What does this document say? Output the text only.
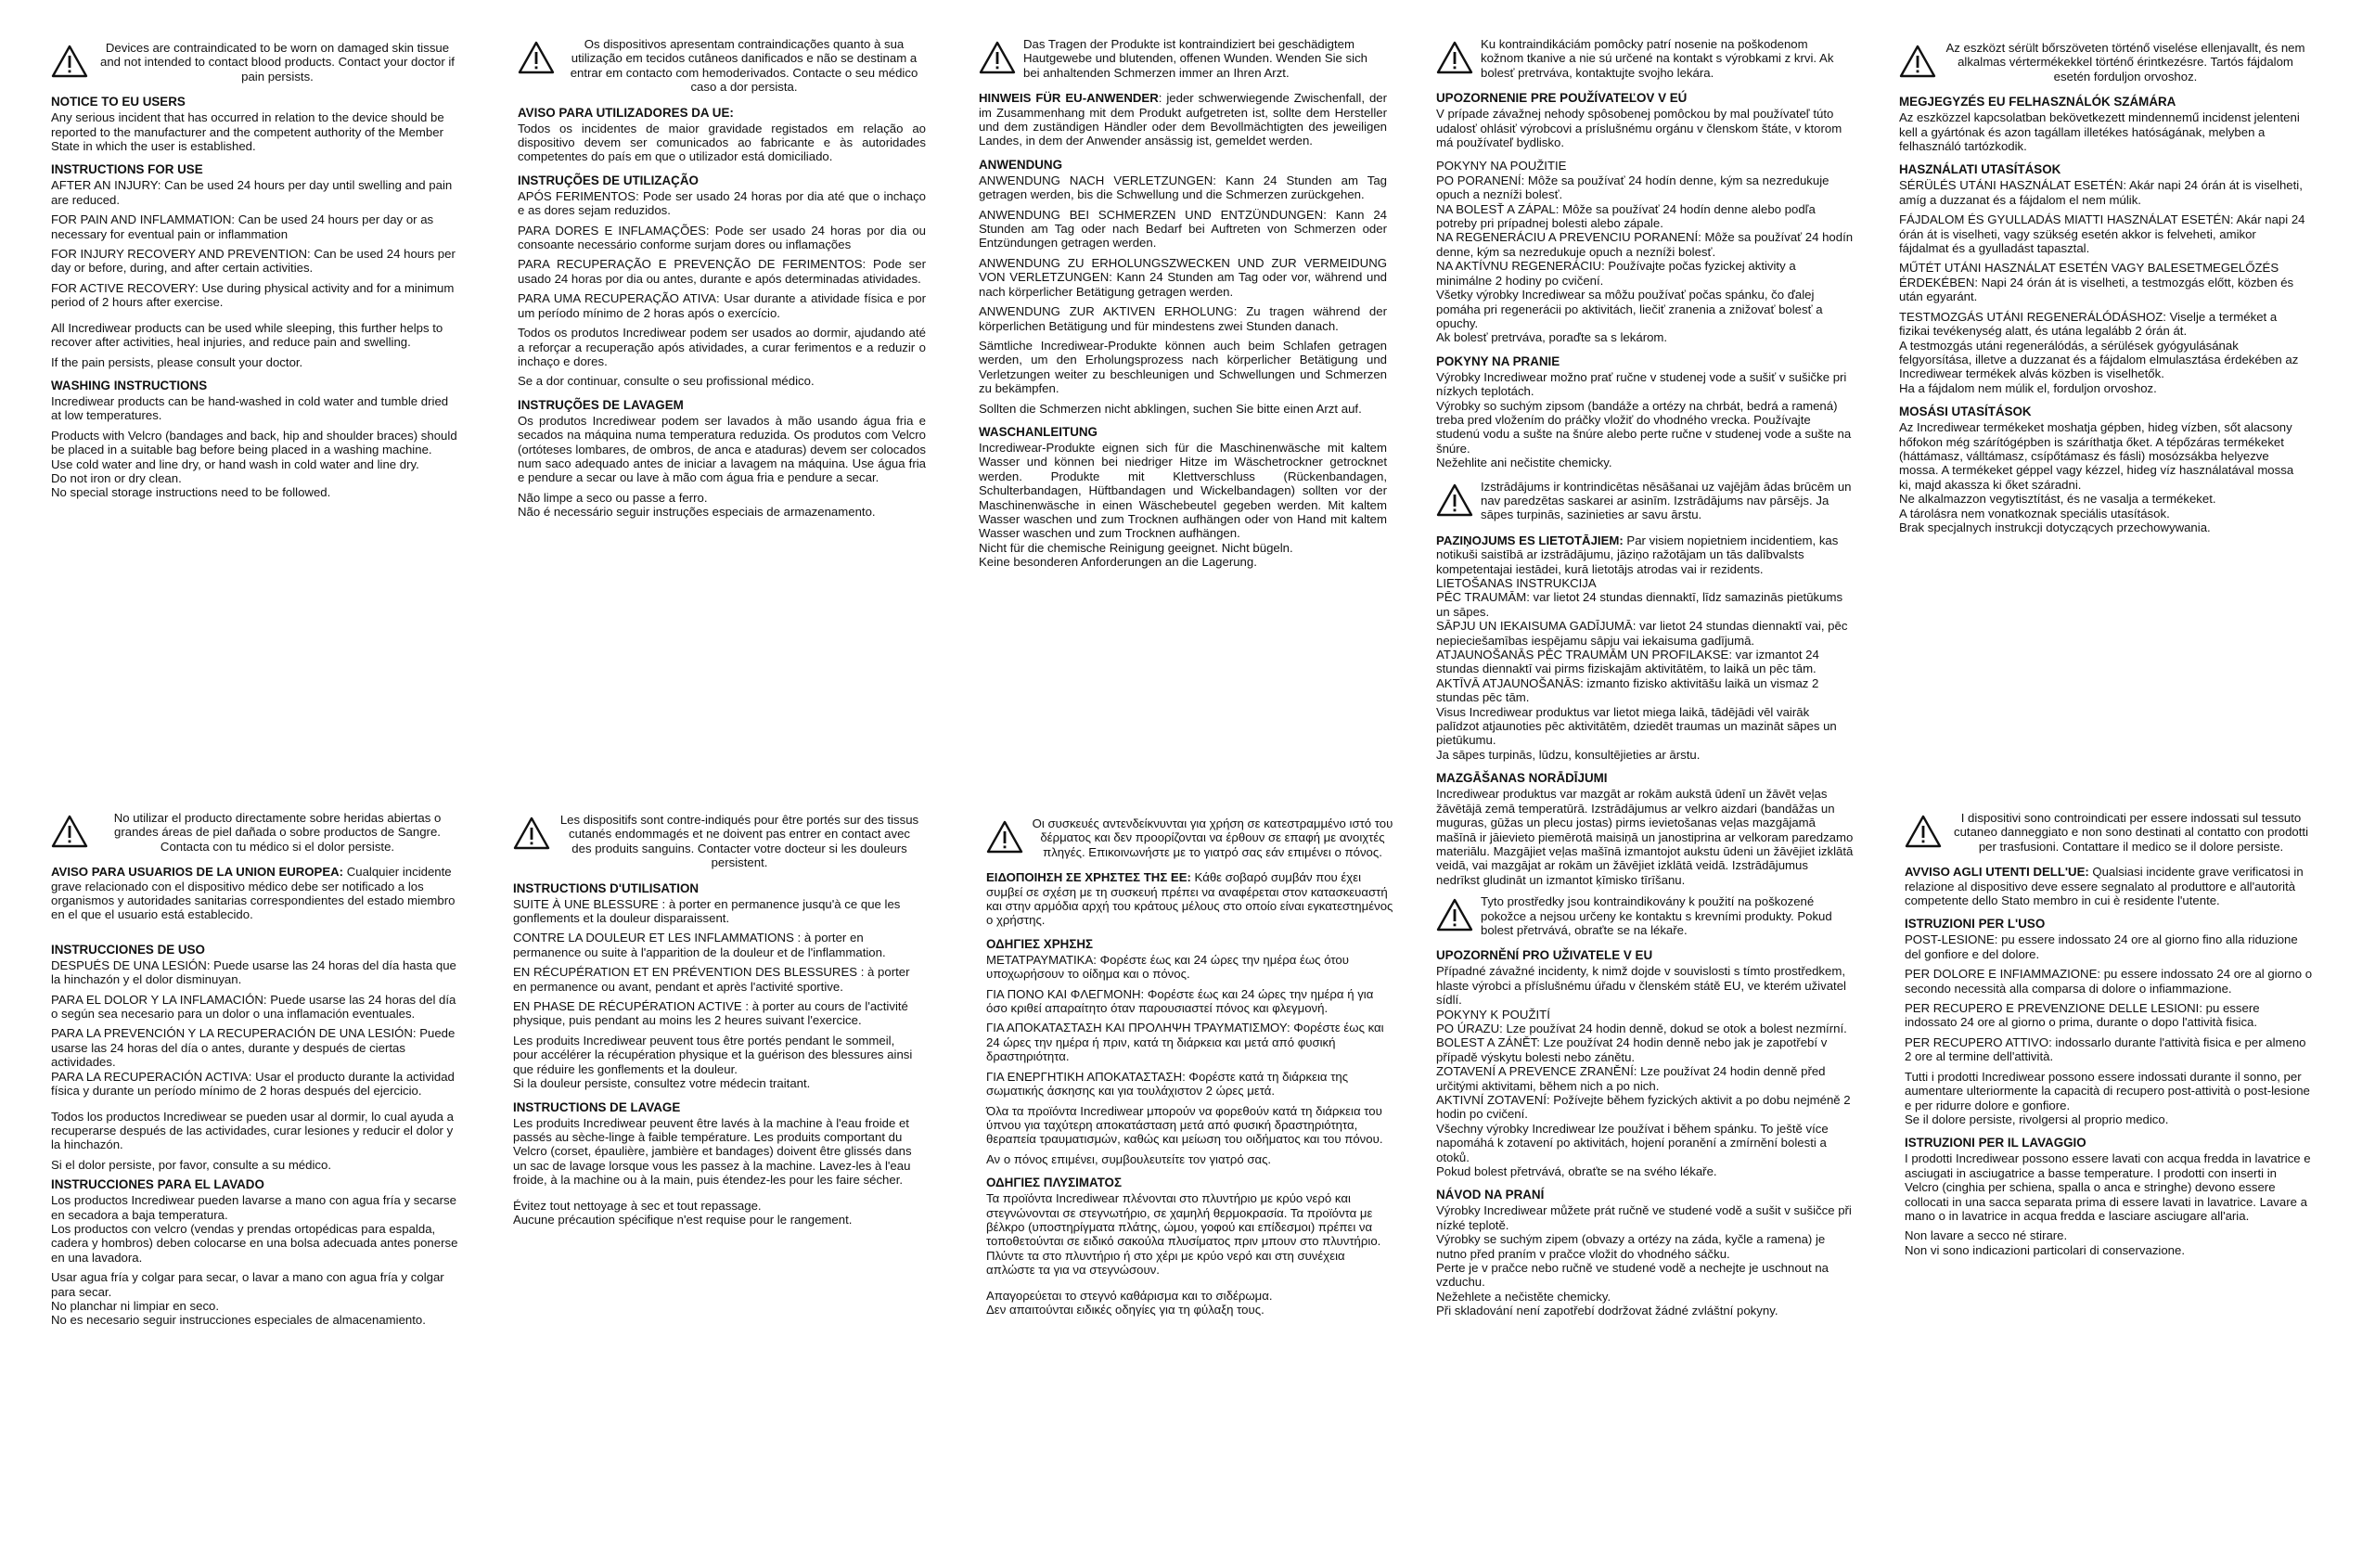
Devices are contraindicated to be worn on damaged skin tissue and not intended to contact blood products. Contact your doctor if pain persists.
NOTICE TO EU USERS

Any serious incident that has occurred in relation to the device should be reported to the manufacturer and the competent authority of the Member State in which the user is established.

INSTRUCTIONS FOR USE

AFTER AN INJURY: Can be used 24 hours per day until swelling and pain are reduced.

FOR PAIN AND INFLAMMATION: Can be used 24 hours per day or as necessary for eventual pain or inflammation

FOR INJURY RECOVERY AND PREVENTION: Can be used 24 hours per day or before, during, and after certain activities.

FOR ACTIVE RECOVERY: Use during physical activity and for a minimum period of 2 hours after exercise.

All Incrediwear products can be used while sleeping, this further helps to recover after activities, heal injuries, and reduce pain and swelling.

If the pain persists, please consult your doctor.

WASHING INSTRUCTIONS

Incrediwear products can be hand-washed in cold water and tumble dried at low temperatures.

Products with Velcro (bandages and back, hip and shoulder braces) should be placed in a suitable bag before being placed in a washing machine.

Use cold water and line dry, or hand wash in cold water and line dry.

Do not iron or dry clean.

No special storage instructions need to be followed.

Os dispositivos apresentam contraindicações quanto à sua utilização em tecidos cutâneos danificados e não se destinam a entrar em contacto com hemoderivados. Contacte o seu médico caso a dor persista.
AVISO PARA UTILIZADORES DA UE:

Todos os incidentes de maior gravidade registados em relação ao dispositivo devem ser comunicados ao fabricante e às autoridades competentes do país em que o utilizador está domiciliado.

INSTRUÇÕES DE UTILIZAÇÃO

APÓS FERIMENTOS: Pode ser usado 24 horas por dia até que o inchaço e as dores sejam reduzidos.

PARA DORES E INFLAMAÇÕES: Pode ser usado 24 horas por dia ou consoante necessário conforme surjam dores ou inflamações

PARA RECUPERAÇÃO E PREVENÇÃO DE FERIMENTOS: Pode ser usado 24 horas por dia ou antes, durante e após determinadas atividades.

PARA UMA RECUPERAÇÃO ATIVA: Usar durante a atividade física e por um período mínimo de 2 horas após o exercício.

Todos os produtos Incrediwear podem ser usados ao dormir, ajudando até a reforçar a recuperação após atividades, a curar ferimentos e a reduzir o inchaço e dores.

Se a dor continuar, consulte o seu profissional médico.

INSTRUÇÕES DE LAVAGEM

Os produtos Incrediwear podem ser lavados à mão usando água fria e secados na máquina numa temperatura reduzida. Os produtos com Velcro (ortóteses lombares, de ombros, de anca e ataduras) devem ser colocados num saco adequado antes de iniciar a lavagem na máquina. Use água fria e pendure a secar ou lave à mão com água fria e pendure a secar.

Não limpe a seco ou passe a ferro.

Não é necessário seguir instruções especiais de armazenamento.

Das Tragen der Produkte ist kontraindiziert bei geschädigtem Hautgewebe und blutenden, offenen Wunden. Wenden Sie sich bei anhaltenden Schmerzen immer an Ihren Arzt.

HINWEIS FÜR EU-ANWENDER: jeder schwerwiegende Zwischenfall, der im Zusammenhang mit dem Produkt aufgetreten ist, sollte dem Hersteller und dem zuständigen Händler oder dem Bevollmächtigten des jeweiligen Landes, in dem der Anwender ansässig ist, gemeldet werden.

ANWENDUNG

ANWENDUNG NACH VERLETZUNGEN: Kann 24 Stunden am Tag getragen werden, bis die Schwellung und die Schmerzen zurückgehen.

ANWENDUNG BEI SCHMERZEN UND ENTZÜNDUNGEN: Kann 24 Stunden am Tag oder nach Bedarf bei Auftreten von Schmerzen oder Entzündungen getragen werden.

ANWENDUNG ZU ERHOLUNGSZWECKEN UND ZUR VERMEIDUNG VON VERLETZUNGEN: Kann 24 Stunden am Tag oder vor, während und nach körperlicher Betätigung getragen werden.

ANWENDUNG ZUR AKTIVEN ERHOLUNG: Zu tragen während der körperlichen Betätigung und für mindestens zwei Stunden danach.

Sämtliche Incrediwear-Produkte können auch beim Schlafen getragen werden, um den Erholungsprozess nach körperlicher Betätigung und Verletzungen weiter zu beschleunigen und Schwellungen und Schmerzen zu bekämpfen.

Sollten die Schmerzen nicht abklingen, suchen Sie bitte einen Arzt auf.

WASCHANLEITUNG

Incrediwear-Produkte eignen sich für die Maschinenwäsche mit kaltem Wasser und können bei niedriger Hitze im Wäschetrockner getrocknet werden. Produkte mit Klettverschluss (Rückenbandagen, Schulterbandagen, Hüftbandagen und Wickelbandagen) sollten vor der Maschinenwäsche in einen Wäschebeutel gegeben werden. Mit kaltem Wasser waschen und zum Trocknen aufhängen oder von Hand mit kaltem Wasser waschen und zum Trocknen aufhängen.

Nicht für die chemische Reinigung geeignet. Nicht bügeln.

Keine besonderen Anforderungen an die Lagerung.

Ku kontraindikáciám pomôcky patrí nosenie na poškodenom kožnom tkanive a nie sú určené na kontakt s výrobkami z krvi. Ak bolesť pretrváva, kontaktujte svojho lekára.
UPOZORNENIE PRE POUŽÍVATEĽOV V EÚ

V prípade závažnej nehody spôsobenej pomôckou by mal používateľ túto udalosť ohlásiť výrobcovi a príslušnému orgánu v členskom štáte, v ktorom má používateľ bydlisko.

POKYNY NA POUŽITIE

PO PORANENÍ: Môže sa používať 24 hodín denne, kým sa nezredukuje opuch a nezníži bolesť.

NA BOLESŤ A ZÁPAL: Môže sa používať 24 hodín denne alebo podľa potreby pri prípadnej bolesti alebo zápale.

NA REGENERÁCIU A PREVENCIU PORANENÍ: Môže sa používať 24 hodín denne, kým sa nezredukuje opuch a nezníži bolesť.

NA AKTÍVNU REGENERÁCIU: Používajte počas fyzickej aktivity a minimálne 2 hodiny po cvičení.

Všetky výrobky Incrediwear sa môžu používať počas spánku, čo ďalej pomáha pri regenerácii po aktivitách, liečiť zranenia a znižovať bolesť a opuchy.

Ak bolesť pretrváva, poraďte sa s lekárom.

POKYNY NA PRANIE

Výrobky Incrediwear možno prať ručne v studenej vode a sušiť v sušičke pri nízkych teplotách.

Výrobky so suchým zipsom (bandáže a ortézy na chrbát, bedrá a ramená) treba pred vložením do práčky vložiť do vhodného vrecka. Používajte studenú vodu a sušte na šnúre alebo perte ručne v studenej vode a sušte na šnúre.

Nežehlite ani nečistite chemicky.

Izstrādājums ir kontrindicētas nēsāšanai uz vajējām ādas brūcēm un nav paredzētas saskarei ar asinīm. Izstrādājums nav pārsējs. Ja sāpes turpinās, sazinieties ar savu ārstu.

PAZIŅOJUMS ES LIETOTĀJIEM: Par visiem nopietniem incidentiem, kas notikuši saistībā ar izstrādājumu, jāziņo ražotājam un tās dalībvalsts kompetentajai iestādei, kurā lietotājs atrodas vai ir rezidents.

LIETOŠANAS INSTRUKCIJA

PĒC TRAUMĀM: var lietot 24 stundas diennaktī, līdz samazinās pietūkums un sāpes.

SĀPJU UN IEKAISUMA GADĪJUMĀ: var lietot 24 stundas diennaktī vai, pēc nepieciešamības iespējamu sāpju vai iekaisuma gadījumā.

ATJAUNOŠANĀS PĒC TRAUMĀM UN PROFILAKSE: var izmantot 24 stundas diennaktī vai pirms fiziskajām aktivitātēm, to laikā un pēc tām.

AKTĪVĀ ATJAUNOŠANĀS: izmanto fizisko aktivitāšu laikā un vismaz 2 stundas pēc tām.

Visus Incrediwear produktus var lietot miega laikā, tādējādi vēl vairāk palīdzot atjaunoties pēc aktivitātēm, dziedēt traumas un mazināt sāpes un pietūkumu.

Ja sāpes turpinās, lūdzu, konsultējieties ar ārstu.

MAZGĀŠANAS NORĀDĪJUMI

Incrediwear produktus var mazgāt ar rokām aukstā ūdenī un žāvēt veļas žāvētājā zemā temperatūrā. Izstrādājumus ar velkro aizdari (bandāžas un muguras, gūžas un plecu jostas) pirms ievietošanas veļas mazgājamā mašīnā ir jāievieto piemērotā maisiņā un janostiprina ar velkoram paredzamo materiālu. Mazgājiet veļas mašīnā izmantojot aukstu ūdeni un žāvējiet izklātā veidā, vai mazgājat ar rokām un žāvējiet izklātā veidā. Izstrādājumus nedrīkst gludināt un izmantot ķīmisko tīrīšanu.

Tyto prostředky jsou kontraindikovány k použití na poškozené pokožce a nejsou určeny ke kontaktu s krevními produkty. Pokud bolest přetrvává, obraťte se na lékaře.
UPOZORNĚNÍ PRO UŽIVATELE V EU

Případné závažné incidenty, k nimž dojde v souvislosti s tímto prostředkem, hlaste výrobci a příslušnému úřadu v členském státě EU, ve kterém uživatel sídlí.

POKYNY K POUŽITÍ

PO ÚRAZU: Lze používat 24 hodin denně, dokud se otok a bolest nezmírní.

BOLEST A ZÁNĚT: Lze používat 24 hodin denně nebo jak je zapotřebí v případě výskytu bolesti nebo zánětu.

ZOTAVENÍ A PREVENCE ZRANĚNÍ: Lze používat 24 hodin denně před určitými aktivitami, během nich a po nich.

AKTIVNÍ ZOTAVENÍ: Požívejte během fyzických aktivit a po dobu nejméně 2 hodin po cvičení.

Všechny výrobky Incrediwear lze používat i během spánku. To ještě více napomáhá k zotavení po aktivitách, hojení poranění a zmírnění bolesti a otoků.

Pokud bolest přetrvává, obraťte se na svého lékaře.

NÁVOD NA PRANÍ

Výrobky Incrediwear můžete prát ručně ve studené vodě a sušit v sušičce při nízké teplotě.

Výrobky se suchým zipem (obvazy a ortézy na záda, kyčle a ramena) je nutno před praním v pračce vložit do vhodného sáčku.

Perte je v pračce nebo ručně ve studené vodě a nechejte je uschnout na vzduchu.

Nežehlete a nečistěte chemicky.

Při skladování není zapotřebí dodržovat žádné zvláštní pokyny.

Az eszközt sérült bőrszöveten történő viselése ellenjavallt, és nem alkalmas vértermékekkel történő érintkezésre. Tartós fájdalom esetén forduljon orvoshoz.
MEGJEGYZÉS EU FELHASZNÁLÓK SZÁMÁRA

Az eszközzel kapcsolatban bekövetkezett mindennemű incidenst jelenteni kell a gyártónak és azon tagállam illetékes hatóságának, melyben a felhasználó tartózkodik.

HASZNÁLATI UTASÍTÁSOK

SÉRÜLÉS UTÁNI HASZNÁLAT ESETÉN: Akár napi 24 órán át is viselheti, amíg a duzzanat és a fájdalom el nem múlik.

FÁJDALOM ÉS GYULLADÁS MIATTI HASZNÁLAT ESETÉN: Akár napi 24 órán át is viselheti, vagy szükség esetén akkor is felveheti, amikor fájdalmat és a gyulladást tapasztal.

MŰTÉT UTÁNI HASZNÁLAT ESETÉN VAGY BALESETMEGELŐZÉS ÉRDEKÉBEN: Napi 24 órán át is viselheti, a testmozgás előtt, közben és után egyaránt.

TESTMOZGÁS UTÁNI REGENERÁLÓDÁSHOZ: Viselje a terméket a fizikai tevékenység alatt, és utána legalább 2 órán át.

A testmozgás utáni regenerálódás, a sérülések gyógyulásának felgyorsítása, illetve a duzzanat és a fájdalom elmulasztása érdekében az Incrediwear termékek alvás közben is viselhetők.

Ha a fájdalom nem múlik el, forduljon orvoshoz.

MOSÁSI UTASÍTÁSOK

Az Incrediwear termékeket moshatja gépben, hideg vízben, sőt alacsony hőfokon még szárítógépben is száríthatja őket. A tépőzáras termékeket (háttámasz, válltámasz, csípőtámasz és fásli) mosózsákba helyezve mossa. A termékeket géppel vagy kézzel, hideg víz használatával mossa ki, majd akassza ki őket száradni.

Ne alkalmazzon vegytisztítást, és ne vasalja a termékeket.

A tárolásra nem vonatkoznak speciális utasítások.

Brak specjalnych instrukcji dotyczących przechowywania.

No utilizar el producto directamente sobre heridas abiertas o grandes áreas de piel dañada o sobre productos de Sangre. Contacta con tu médico si el dolor persiste.

AVISO PARA USUARIOS DE LA UNION EUROPEA: Cualquier incidente grave relacionado con el dispositivo médico debe ser notificado a los organismos y autoridades sanitarias correspondientes del estado miembro en el que el usuario está establecido.

INSTRUCCIONES DE USO

DESPUÉS DE UNA LESIÓN: Puede usarse las 24 horas del día hasta que la hinchazón y el dolor disminuyan.

PARA EL DOLOR Y LA INFLAMACIÓN: Puede usarse las 24 horas del día o según sea necesario para un dolor o una inflamación eventuales.

PARA LA PREVENCIÓN Y LA RECUPERACIÓN DE UNA LESIÓN: Puede usarse las 24 horas del día o antes, durante y después de ciertas actividades.

PARA LA RECUPERACIÓN ACTIVA: Usar el producto durante la actividad física y durante un período mínimo de 2 horas después del ejercicio.

Todos los productos Incrediwear se pueden usar al dormir, lo cual ayuda a recuperarse después de las actividades, curar lesiones y reducir el dolor y la hinchazón.

Si el dolor persiste, por favor, consulte a su médico.

INSTRUCCIONES PARA EL LAVADO

Los productos Incrediwear pueden lavarse a mano con agua fría y secarse en secadora a baja temperatura.

Los productos con velcro (vendas y prendas ortopédicas para espalda, cadera y hombros) deben colocarse en una bolsa adecuada antes ponerse en una lavadora.

Usar agua fría y colgar para secar, o lavar a mano con agua fría y colgar para secar.

No planchar ni limpiar en seco.

No es necesario seguir instrucciones especiales de almacenamiento.

Les dispositifs sont contre-indiqués pour être portés sur des tissus cutanés endommagés et ne doivent pas entrer en contact avec des produits sanguins. Contacter votre docteur si les douleurs persistent.
INSTRUCTIONS D'UTILISATION

SUITE À UNE BLESSURE : à porter en permanence jusqu'à ce que les gonflements et la douleur disparaissent.

CONTRE LA DOULEUR ET LES INFLAMMATIONS : à porter en permanence ou suite à l'apparition de la douleur et de l'inflammation.

EN RÉCUPÉRATION ET EN PRÉVENTION DES BLESSURES : à porter en permanence ou avant, pendant et après l'activité sportive.

EN PHASE DE RÉCUPÉRATION ACTIVE : à porter au cours de l'activité physique, puis pendant au moins les 2 heures suivant l'exercice.

Les produits Incrediwear peuvent tous être portés pendant le sommeil, pour accélérer la récupération physique et la guérison des blessures ainsi que réduire les gonflements et la douleur.

Si la douleur persiste, consultez votre médecin traitant.

INSTRUCTIONS DE LAVAGE

Les produits Incrediwear peuvent être lavés à la machine à l'eau froide et passés au sèche-linge à faible température. Les produits comportant du Velcro (corset, épaulière, jambière et bandages) doivent être glissés dans un sac de lavage lorsque vous les passez à la machine. Lavez-les à l'eau froide, à la machine ou à la main, puis étendez-les pour les faire sécher.

Évitez tout nettoyage à sec et tout repassage.

Aucune précaution spécifique n'est requise pour le rangement.

Οι συσκευές αντενδείκνυνται για χρήση σε κατεστραμμένο ιστό του δέρματος και δεν προορίζονται να έρθουν σε επαφή με ανοιχτές πληγές. Επικοινωνήστε με το γιατρό σας εάν επιμένει ο πόνος.

ΕΙΔΟΠΟΙΗΣΗ ΣΕ ΧΡΗΣΤΕΣ ΤΗΣ ΕΕ: Κάθε σοβαρό συμβάν που έχει συμβεί σε σχέση με τη συσκευή πρέπει να αναφέρεται στον κατασκευαστή και στην αρμόδια αρχή του κράτους μέλους στο οποίο είναι εγκατεστημένος ο χρήστης.

ΟΔΗΓΙΕΣ ΧΡΗΣΗΣ

ΜΕΤΑΤΡΑΥΜΑΤΙΚΑ: Φορέστε έως και 24 ώρες την ημέρα έως ότου υποχωρήσουν το οίδημα και ο πόνος.

ΓΙΑ ΠΟΝΟ ΚΑΙ ΦΛΕΓΜΟΝΗ: Φορέστε έως και 24 ώρες την ημέρα ή για όσο κριθεί απαραίτητο όταν παρουσιαστεί πόνος και φλεγμονή.

ΓΙΑ ΑΠΟΚΑΤΑΣΤΑΣΗ ΚΑΙ ΠΡΟΛΗΨΗ ΤΡΑΥΜΑΤΙΣΜΟΥ: Φορέστε έως και 24 ώρες την ημέρα ή πριν, κατά τη διάρκεια και μετά από φυσική δραστηριότητα.

ΓΙΑ ΕΝΕΡΓΗΤΙΚΗ ΑΠΟΚΑΤΑΣΤΑΣΗ: Φορέστε κατά τη διάρκεια της σωματικής άσκησης και για τουλάχιστον 2 ώρες μετά.

Όλα τα προϊόντα Incrediwear μπορούν να φορεθούν κατά τη διάρκεια του ύπνου για ταχύτερη αποκατάσταση μετά από φυσική δραστηριότητα, θεραπεία τραυματισμών, καθώς και μείωση του οιδήματος και του πόνου.

Αν ο πόνος επιμένει, συμβουλευτείτε τον γιατρό σας.

ΟΔΗΓΙΕΣ ΠΛΥΣΙΜΑΤΟΣ

Τα προϊόντα Incrediwear πλένονται στο πλυντήριο με κρύο νερό και στεγνώνονται σε στεγνωτήριο, σε χαμηλή θερμοκρασία. Τα προϊόντα με βέλκρο (υποστηρίγματα πλάτης, ώμου, γοφού και επίδεσμοι) πρέπει να τοποθετούνται σε ειδικό σακούλα πλυσίματος πριν μπουν στο πλυντήριο. Πλύντε τα στο πλυντήριο ή στο χέρι με κρύο νερό και στη συνέχεια απλώστε τα για να στεγνώσουν.

Απαγορεύεται το στεγνό καθάρισμα και το σιδέρωμα.

Δεν απαιτούνται ειδικές οδηγίες για τη φύλαξη τους.

I dispositivi sono controindicati per essere indossati sul tessuto cutaneo danneggiato e non sono destinati al contatto con prodotti per trasfusioni. Contattare il medico se il dolore persiste.

AVVISO AGLI UTENTI DELL'UE: Qualsiasi incidente grave verificatosi in relazione al dispositivo deve essere segnalato al produttore e all'autorità competente dello Stato membro in cui è residente l'utente.

ISTRUZIONI PER L'USO

POST-LESIONE: pu essere indossato 24 ore al giorno fino alla riduzione del gonfiore e del dolore.

PER DOLORE E INFIAMMAZIONE: pu essere indossato 24 ore al giorno o secondo necessità alla comparsa di dolore o infiammazione.

PER RECUPERO E PREVENZIONE DELLE LESIONI: pu essere indossato 24 ore al giorno o prima, durante o dopo l'attività fisica.

PER RECUPERO ATTIVO: indossarlo durante l'attività fisica e per almeno 2 ore al termine dell'attività.

Tutti i prodotti Incrediwear possono essere indossati durante il sonno, per aumentare ulteriormente la capacità di recupero post-attività o post-lesione e per ridurre dolore e gonfiore.

Se il dolore persiste, rivolgersi al proprio medico.

ISTRUZIONI PER IL LAVAGGIO

I prodotti Incrediwear possono essere lavati con acqua fredda in lavatrice e asciugati in asciugatrice a basse temperature. I prodotti con inserti in Velcro (cinghia per schiena, spalla o anca e stringhe) devono essere collocati in una sacca separata prima di essere lavati in lavatrice. Lavare a mano o in lavatrice in acqua fredda e lasciare asciugare all'aria.

Non lavare a secco né stirare.

Non vi sono indicazioni particolari di conservazione.
